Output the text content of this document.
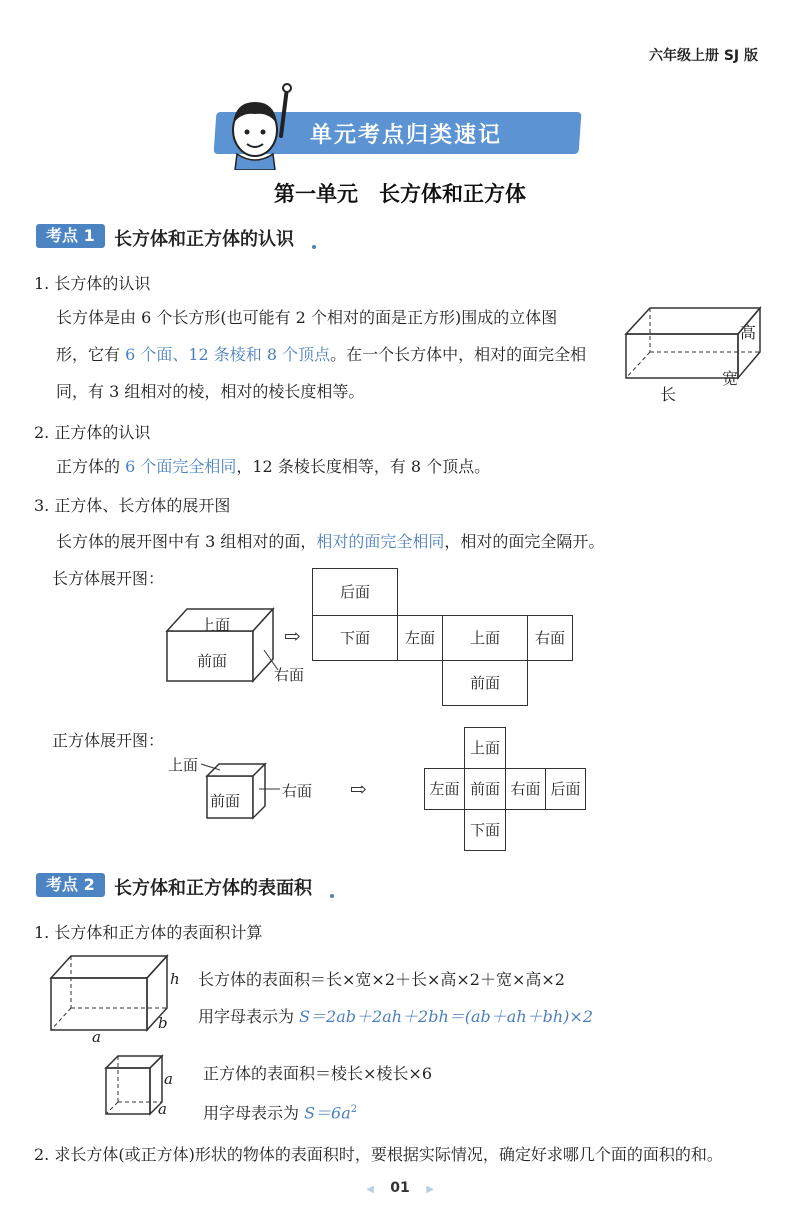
六年级上册 SJ 版
单元考点归类速记
第一单元　长方体和正方体
考点 1	长方体和正方体的认识
1. 长方体的认识
长方体是由 6 个长方形(也可能有 2 个相对的面是正方形)围成的立体图
形，它有 6 个面、12 条棱和 8 个顶点。在一个长方体中，相对的面完全相
同，有 3 组相对的棱，相对的棱长度相等。
高
宽
长
2. 正方体的认识
正方体的 6 个面完全相同，12 条棱长度相等，有 8 个顶点。
3. 正方体、长方体的展开图
长方体的展开图中有 3 组相对的面，相对的面完全相同，相对的面完全隔开。
长方体展开图：
上面
前面
右面
⇨
后面
下面	左面	上面	右面
前面
正方体展开图：
上面
前面
右面 ⇨
上面
左面 前面 右面 后面
下面
考点 2	长方体和正方体的表面积
1. 长方体和正方体的表面积计算
h
b
a
长方体的表面积＝长×宽×2＋长×高×2＋宽×高×2
用字母表示为 S＝2ab＋2ah＋2bh＝(ab＋ah＋bh)×2
a
a
正方体的表面积＝棱长×棱长×6
用字母表示为 $S=6a^2$
2. 求长方体(或正方体)形状的物体的表面积时，要根据实际情况，确定好求哪几个面的面积的和。
◀ 01 ▶
